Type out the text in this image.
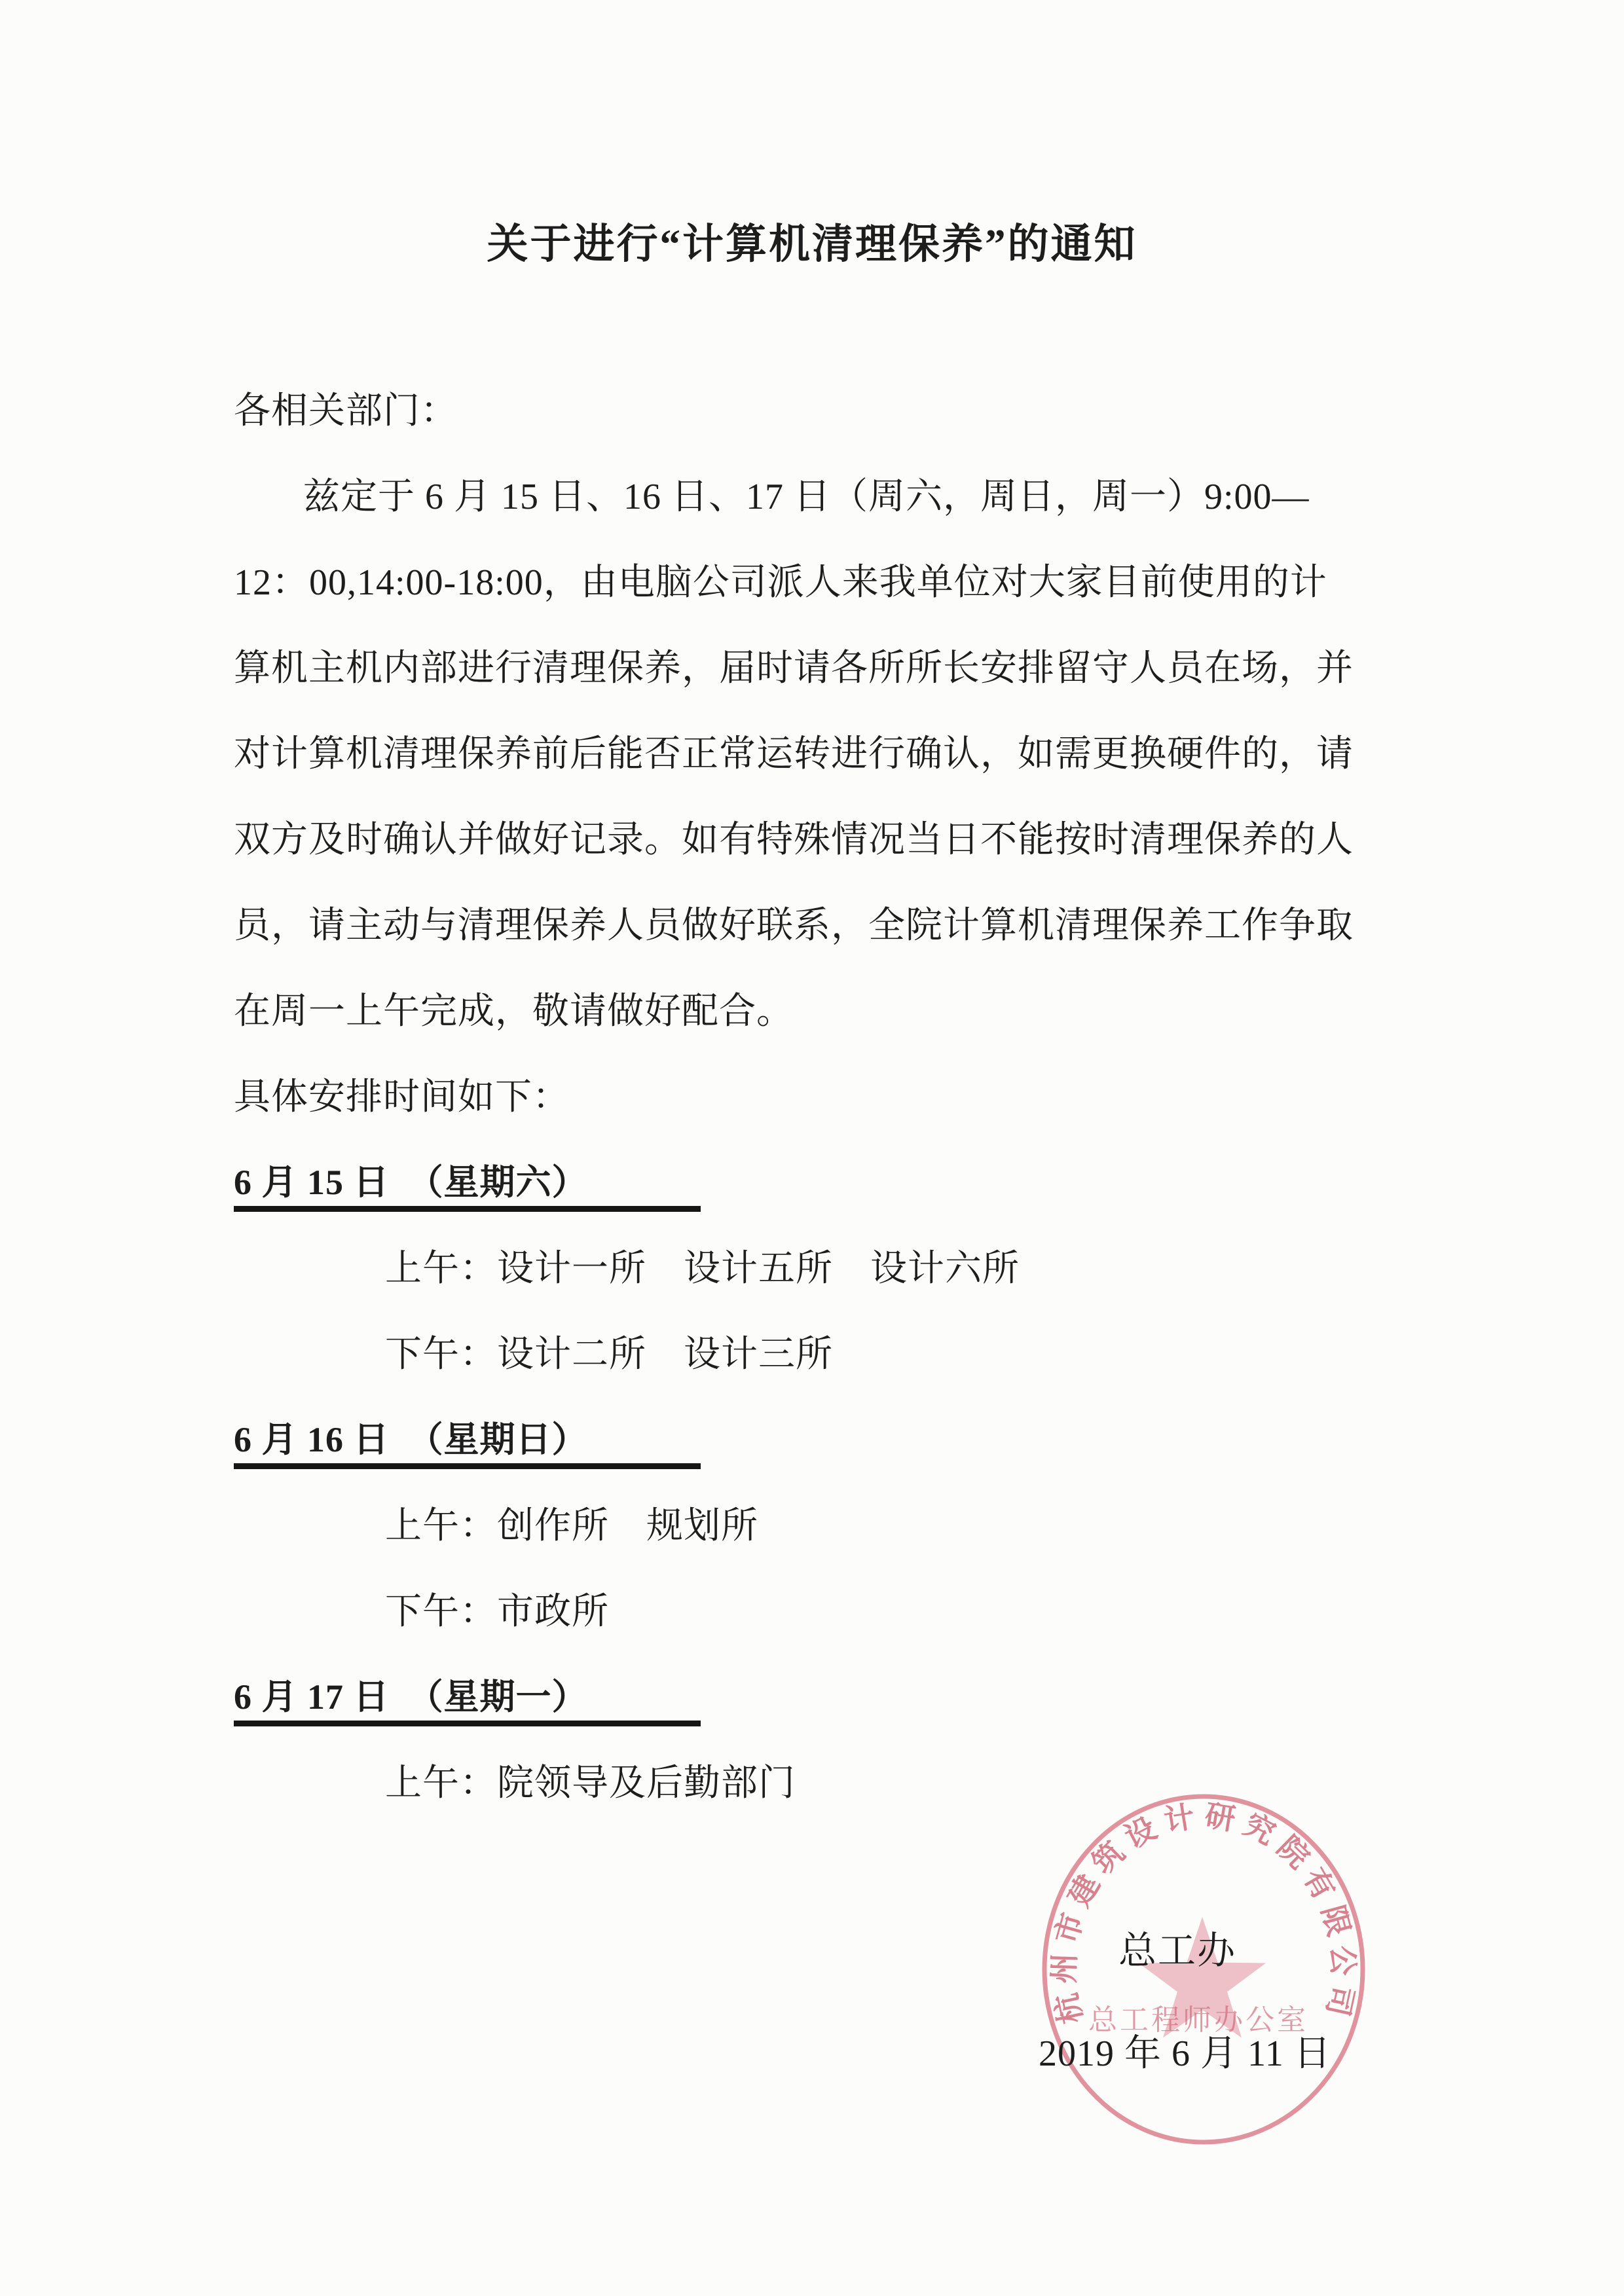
关于进行“计算机清理保养”的通知
各相关部门：
兹定于 6 月 15 日、16 日、17 日（周六，周日，周一）9:00—
12：00,14:00-18:00，由电脑公司派人来我单位对大家目前使用的计
算机主机内部进行清理保养，届时请各所所长安排留守人员在场，并
对计算机清理保养前后能否正常运转进行确认，如需更换硬件的，请
双方及时确认并做好记录。如有特殊情况当日不能按时清理保养的人
员，请主动与清理保养人员做好联系，全院计算机清理保养工作争取
在周一上午完成，敬请做好配合。
具体安排时间如下：
6 月 15 日　（星期六）
上午：设计一所　设计五所　设计六所
下午：设计二所　设计三所
6 月 16 日　（星期日）
上午：创作所　规划所
下午：市政所
6 月 17 日　（星期一）
上午：院领导及后勤部门
杭州市建筑设计研究院有限公司
总工程师办公室
总工办
2019 年 6 月 11 日
